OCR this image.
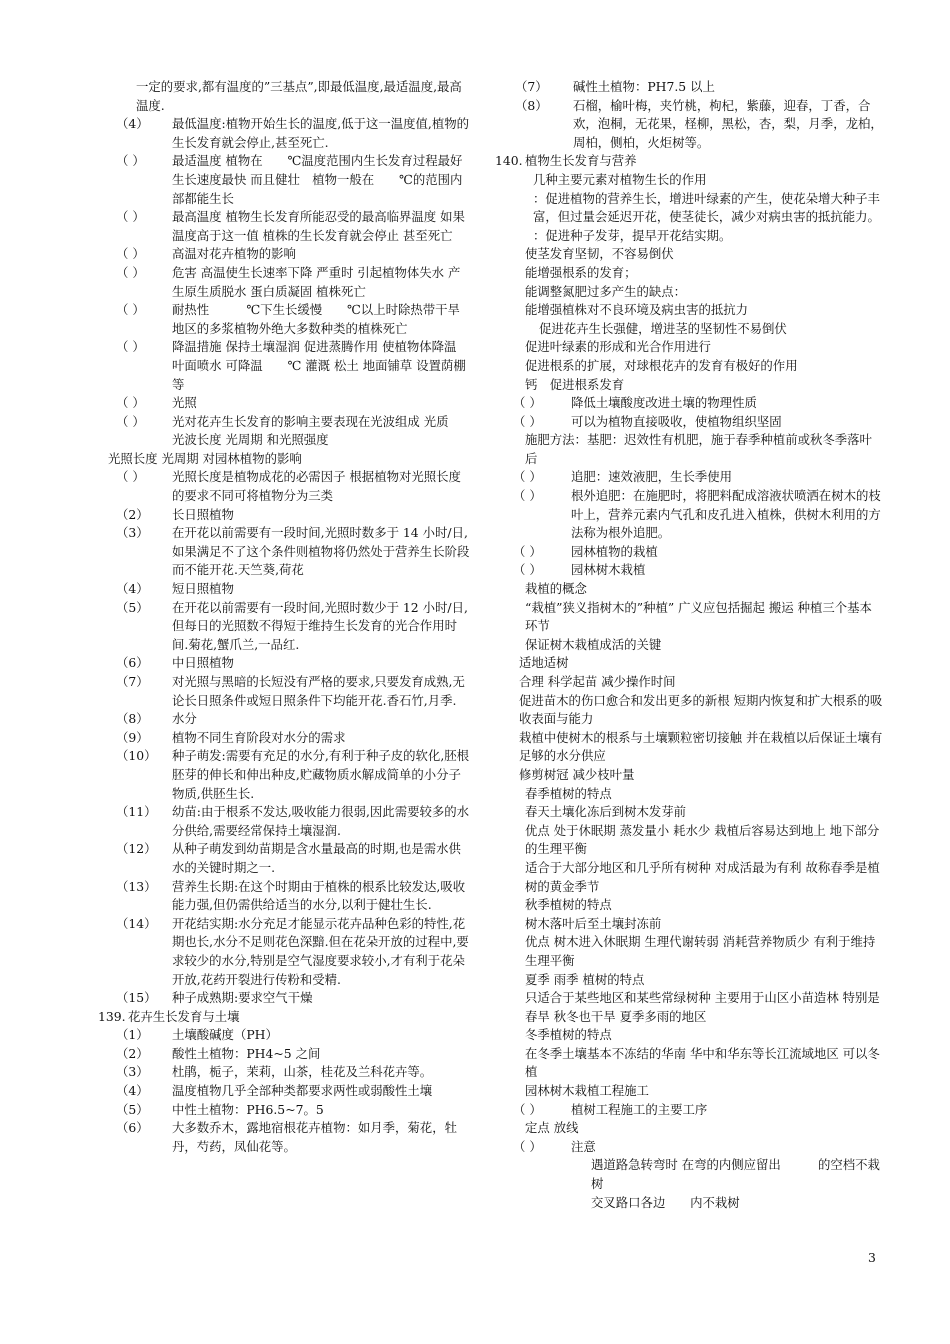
一定的要求,都有温度的”三基点”,即最低温度,最适温度,最高温度.
（4）	最低温度:植物开始生长的温度,低于这一温度值,植物的生长发育就会停止,甚至死亡.
（ ）	最适温度 植物在　　℃温度范围内生长发育过程最好 生长速度最快 而且健壮　植物一般在　　℃的范围内部都能生长
（ ）	最高温度 植物生长发育所能忍受的最高临界温度 如果温度高于这一值 植株的生长发育就会停止 甚至死亡
（ ）	高温对花卉植物的影响
（ ）	危害 高温使生长速率下降 严重时 引起植物体失水 产生原生质脱水 蛋白质凝固 植株死亡
（ ）	耐热性　　　℃下生长缓慢　　℃以上时除热带干旱地区的多浆植物外绝大多数种类的植株死亡
（ ）	降温措施 保持土壤湿润 促进蒸腾作用 使植物体降温 叶面喷水 可降温　　℃ 灌溉 松土 地面铺草 设置荫棚等
（ ）	光照
（ ）	光对花卉生长发育的影响主要表现在光波组成 光质　光波长度 光周期 和光照强度
光照长度 光周期 对园林植物的影响
（ ）	光照长度是植物成花的必需因子 根据植物对光照长度的要求不同可将植物分为三类
（2）	长日照植物
（3）	在开花以前需要有一段时间,光照时数多于 14 小时/日,如果满足不了这个条件则植物将仍然处于营养生长阶段而不能开花.天竺葵,荷花
（4）	短日照植物
（5）	在开花以前需要有一段时间,光照时数少于 12 小时/日,但每日的光照数不得短于维持生长发育的光合作用时间.菊花,蟹爪兰,一品红.
（6）	中日照植物
（7）	对光照与黑暗的长短没有严格的要求,只要发育成熟,无论长日照条件或短日照条件下均能开花.香石竹,月季.
（8）	水分
（9）	植物不同生育阶段对水分的需求
（10）	种子萌发:需要有充足的水分,有利于种子皮的软化,胚根胚芽的伸长和伸出种皮,贮藏物质水解成简单的小分子物质,供胚生长.
（11）	幼苗:由于根系不发达,吸收能力很弱,因此需要较多的水分供给,需要经常保持土壤湿润.
（12）	从种子萌发到幼苗期是含水量最高的时期,也是需水供水的关键时期之一.
（13）	营养生长期:在这个时期由于植株的根系比较发达,吸收能力强,但仍需供给适当的水分,以利于健壮生长.
（14）	开花结实期:水分充足才能显示花卉品种色彩的特性,花期也长,水分不足则花色深黯.但在花朵开放的过程中,要求较少的水分,特别是空气湿度要求较小,才有利于花朵开放,花药开裂进行传粉和受精.
（15）	种子成熟期:要求空气干燥
139. 花卉生长发育与土壤
（1）	土壤酸碱度（PH）
（2）	酸性土植物：PH4~5 之间
（3）	杜鹃，栀子，茉莉，山茶，桂花及兰科花卉等。
（4）	温度植物几乎全部种类都要求两性或弱酸性土壤
（5）	中性土植物：PH6.5~7。5
（6）	大多数乔木，露地宿根花卉植物：如月季，菊花，牡丹，芍药，凤仙花等。
（7）	碱性土植物：PH7.5 以上
（8）	石榴，榆叶梅，夹竹桃，枸杞，紫藤，迎春，丁香，合欢，泡桐，无花果，柽柳，黑松，杏，梨，月季，龙柏，周柏，侧柏，火炬树等。
140. 植物生长发育与营养
几种主要元素对植物生长的作用
：促进植物的营养生长，增进叶绿素的产生，使花朵增大种子丰富，但过量会延迟开花，使茎徒长，减少对病虫害的抵抗能力。
：促进种子发芽，提早开花结实期。
使茎发育坚韧，不容易倒伏
能增强根系的发育；
能调整氮肥过多产生的缺点：
能增强植株对不良环境及病虫害的抵抗力
促进花卉生长强健，增进茎的坚韧性不易倒伏
促进叶绿素的形成和光合作用进行
促进根系的扩展，对球根花卉的发育有极好的作用
钙　促进根系发育
（ ）	降低土壤酸度改进土壤的物理性质
（ ）	可以为植物直接吸收，使植物组织坚固
施肥方法：基肥：迟效性有机肥，施于春季种植前或秋冬季落叶后
（ ）	追肥：速效液肥，生长季使用
（ ）	根外追肥：在施肥时，将肥料配成溶液状喷洒在树木的枝叶上，营养元素内气孔和皮孔进入植株，供树木利用的方法称为根外追肥。
（ ）	园林植物的栽植
（ ）	园林树木栽植
栽植的概念
“栽植”狭义指树木的”种植” 广义应包括掘起 搬运 种植三个基本环节
保证树木栽植成活的关键
适地适树
合理 科学起苗 减少操作时间
促进苗木的伤口愈合和发出更多的新根 短期内恢复和扩大根系的吸收表面与能力
栽植中使树木的根系与土壤颗粒密切接触 并在栽植以后保证土壤有足够的水分供应
修剪树冠 减少枝叶量
春季植树的特点
春天土壤化冻后到树木发芽前
优点 处于休眠期 蒸发量小 耗水少 栽植后容易达到地上 地下部分的生理平衡
适合于大部分地区和几乎所有树种 对成活最为有利 故称春季是植树的黄金季节
秋季植树的特点
树木落叶后至土壤封冻前
优点 树木进入休眠期 生理代谢转弱 消耗营养物质少 有利于维持生理平衡
夏季 雨季 植树的特点
只适合于某些地区和某些常绿树种 主要用于山区小苗造林 特别是春旱 秋冬也干旱 夏季多雨的地区
冬季植树的特点
在冬季土壤基本不冻结的华南 华中和华东等长江流域地区 可以冬植
园林树木栽植工程施工
（ ）	植树工程施工的主要工序
定点 放线
（ ）	注意
遇道路急转弯时 在弯的内侧应留出　　　的空档不栽树
交叉路口各边　　内不栽树
3
